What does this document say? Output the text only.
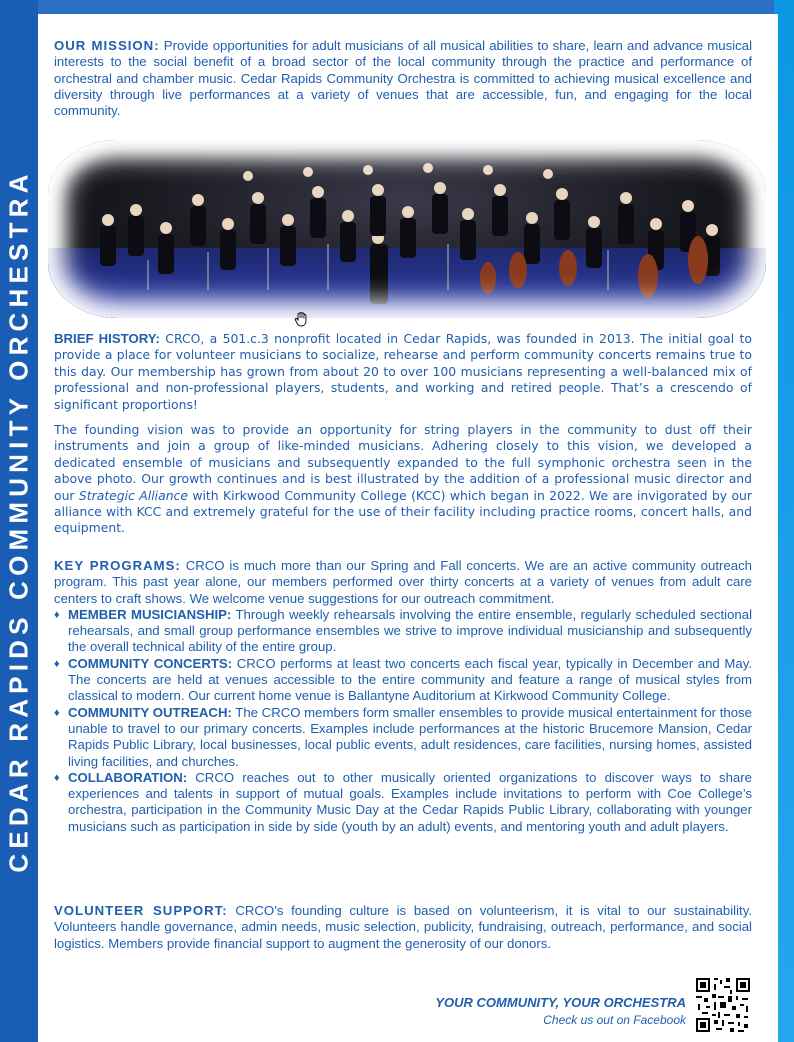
CEDAR RAPIDS COMMUNITY ORCHESTRA

OUR MISSION: Provide opportunities for adult musicians of all musical abilities to share, learn and advance musical interests to the social benefit of a broad sector of the local community through the practice and performance of orchestral and chamber music. Cedar Rapids Community Orchestra is committed to achieving musical excellence and diversity through live performances at a variety of venues that are accessible, fun, and engaging for the local community.

BRIEF HISTORY: CRCO, a 501.c.3 nonprofit located in Cedar Rapids, was founded in 2013. The initial goal to provide a place for volunteer musicians to socialize, rehearse and perform community concerts remains true to this day. Our membership has grown from about 20 to over 100 musicians representing a well-balanced mix of professional and non-professional players, students, and working and retired people. That’s a crescendo of significant proportions!

The founding vision was to provide an opportunity for string players in the community to dust off their instruments and join a group of like-minded musicians. Adhering closely to this vision, we developed a dedicated ensemble of musicians and subsequently expanded to the full symphonic orchestra seen in the above photo. Our growth continues and is best illustrated by the addition of a professional music director and our Strategic Alliance with Kirkwood Community College (KCC) which began in 2022. We are invigorated by our alliance with KCC and extremely grateful for the use of their facility including practice rooms, concert halls, and equipment.

KEY PROGRAMS: CRCO is much more than our Spring and Fall concerts. We are an active community outreach program. This past year alone, our members performed over thirty concerts at a variety of venues from adult care centers to craft shows. We welcome venue suggestions for our outreach commitment.

♦ MEMBER MUSICIANSHIP: Through weekly rehearsals involving the entire ensemble, regularly scheduled sectional rehearsals, and small group performance ensembles we strive to improve individual musicianship and subsequently the overall technical ability of the entire group.
♦ COMMUNITY CONCERTS: CRCO performs at least two concerts each fiscal year, typically in December and May. The concerts are held at venues accessible to the entire community and feature a range of musical styles from classical to modern. Our current home venue is Ballantyne Auditorium at Kirkwood Community College.
♦ COMMUNITY OUTREACH: The CRCO members form smaller ensembles to provide musical entertainment for those unable to travel to our primary concerts. Examples include performances at the historic Brucemore Mansion, Cedar Rapids Public Library, local businesses, local public events, adult residences, care facilities, nursing homes, assisted living facilities, and churches.
♦ COLLABORATION: CRCO reaches out to other musically oriented organizations to discover ways to share experiences and talents in support of mutual goals. Examples include invitations to perform with Coe College’s orchestra, participation in the Community Music Day at the Cedar Rapids Public Library, collaborating with younger musicians such as participation in side by side (youth by an adult) events, and mentoring youth and adult players.

VOLUNTEER SUPPORT: CRCO’s founding culture is based on volunteerism, it is vital to our sustainability. Volunteers handle governance, admin needs, music selection, publicity, fundraising, outreach, performance, and social logistics. Members provide financial support to augment the generosity of our donors.

YOUR COMMUNITY, YOUR ORCHESTRA
Check us out on Facebook
